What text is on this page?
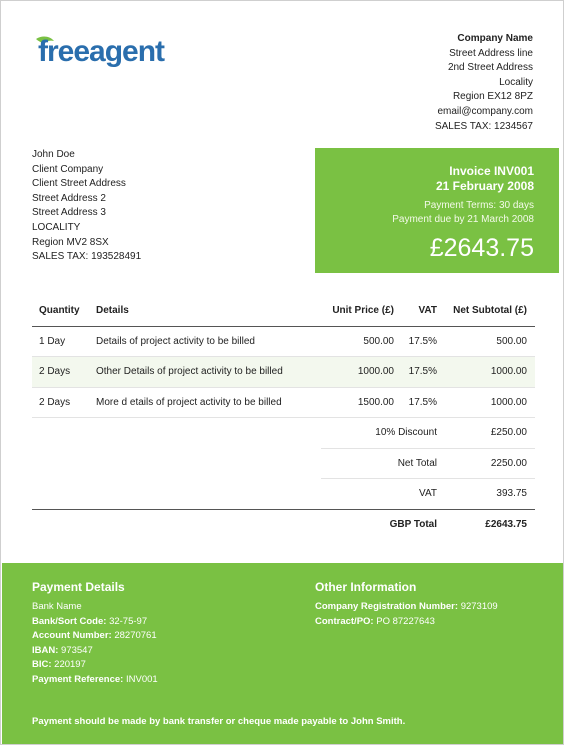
freeagent	Company Name
Street Address line
2nd Street Address
Locality
Region EX12 8PZ
email@company.com
SALES TAX: 1234567
John Doe
Client Company
Client Street Address
Street Address 2
Street Address 3
LOCALITY
Region MV2 8SX
SALES TAX: 193528491
Invoice INV001
21 February 2008
Payment Terms: 30 days
Payment due by 21 March 2008
£2643.75
Quantity	Details	Unit Price (£)	VAT	Net Subtotal (£)
1 Day	Details of project activity to be billed	500.00	17.5%	500.00
2 Days	Other Details of project activity to be billed	1000.00	17.5%	1000.00
2 Days	More d etails of project activity to be billed	1500.00	17.5%	1000.00
		10% Discount		£250.00
		Net Total		2250.00
		VAT		393.75
		GBP Total		£2643.75
Payment Details
Bank Name
Bank/Sort Code: 32-75-97
Account Number: 28270761
IBAN: 973547
BIC: 220197
Payment Reference: INV001
Other Information
Company Registration Number: 9273109
Contract/PO: PO 87227643
Payment should be made by bank transfer or cheque made payable to John Smith.
